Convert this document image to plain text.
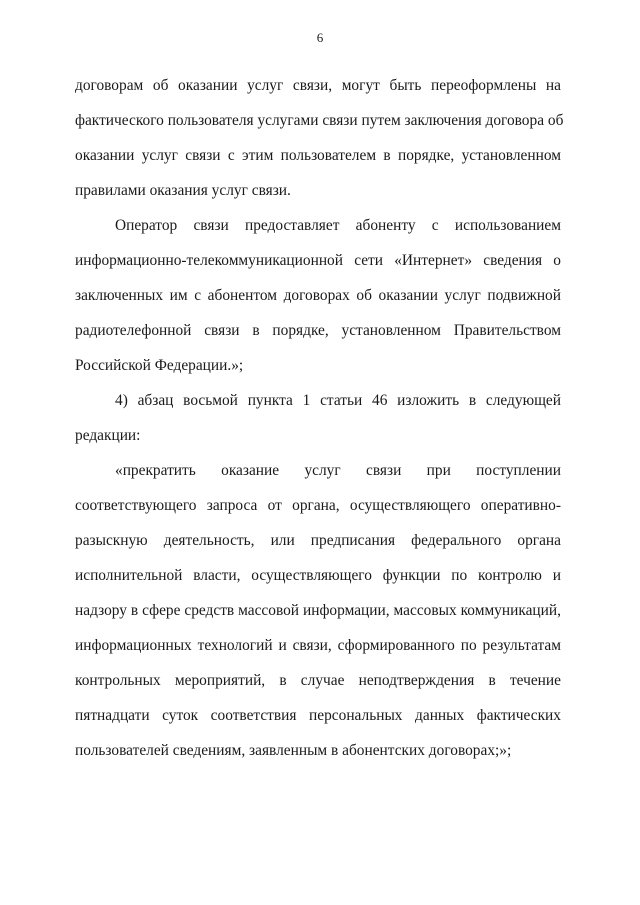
6
договорам об оказании услуг связи, могут быть переоформлены на
фактического пользователя услугами связи путем заключения договора об
оказании услуг связи с этим пользователем в порядке, установленном
правилами оказания услуг связи.
Оператор связи предоставляет абоненту с использованием
информационно-телекоммуникационной сети «Интернет» сведения о
заключенных им с абонентом договорах об оказании услуг подвижной
радиотелефонной связи в порядке, установленном Правительством
Российской Федерации.»;
4) абзац восьмой пункта 1 статьи 46 изложить в следующей
редакции:
«прекратить оказание услуг связи при поступлении
соответствующего запроса от органа, осуществляющего оперативно-
разыскную деятельность, или предписания федерального органа
исполнительной власти, осуществляющего функции по контролю и
надзору в сфере средств массовой информации, массовых коммуникаций,
информационных технологий и связи, сформированного по результатам
контрольных мероприятий, в случае неподтверждения в течение
пятнадцати суток соответствия персональных данных фактических
пользователей сведениям, заявленным в абонентских договорах;»;
